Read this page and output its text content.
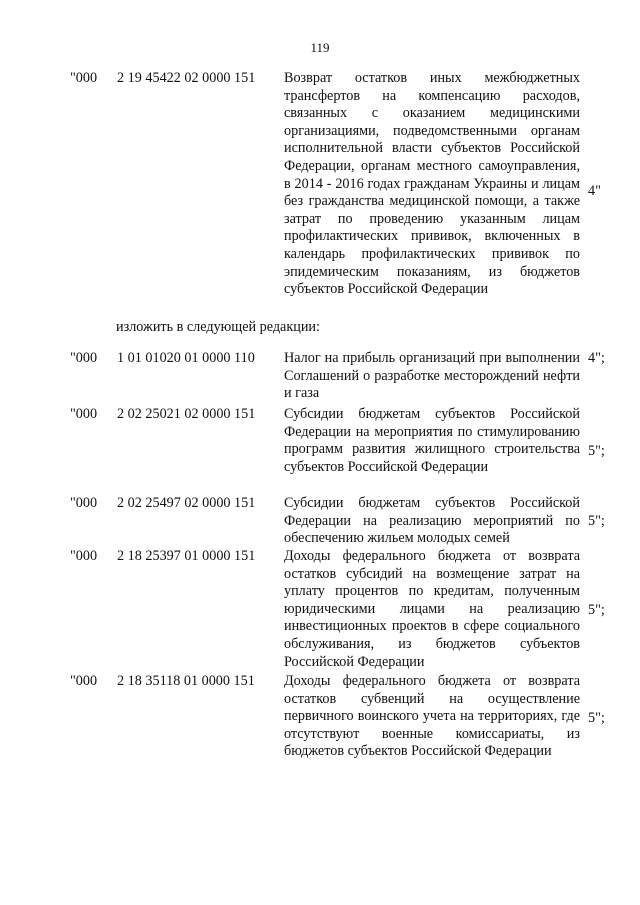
119
"000 2 19 45422 02 0000 151 Возврат остатков иных межбюджетных трансфертов на компенсацию расходов, связанных с оказанием медицинскими организациями, подведомственными органам исполнительной власти субъектов Российской Федерации, органам местного самоуправления, в 2014 - 2016 годах гражданам Украины и лицам без гражданства медицинской помощи, а также затрат по проведению указанным лицам профилактических прививок, включенных в календарь профилактических прививок по эпидемическим показаниям, из бюджетов субъектов Российской Федерации
4"
изложить в следующей редакции:
"000 1 01 01020 01 0000 110 Налог на прибыль организаций при выполнении Соглашений о разработке месторождений нефти и газа
4";
"000 2 02 25021 02 0000 151 Субсидии бюджетам субъектов Российской Федерации на мероприятия по стимулированию программ развития жилищного строительства субъектов Российской Федерации
5";
"000 2 02 25497 02 0000 151 Субсидии бюджетам субъектов Российской Федерации на реализацию мероприятий по обеспечению жильем молодых семей
5";
"000 2 18 25397 01 0000 151 Доходы федерального бюджета от возврата остатков субсидий на возмещение затрат на уплату процентов по кредитам, полученным юридическими лицами на реализацию инвестиционных проектов в сфере социального обслуживания, из бюджетов субъектов Российской Федерации
5";
"000 2 18 35118 01 0000 151 Доходы федерального бюджета от возврата остатков субвенций на осуществление первичного воинского учета на территориях, где отсутствуют военные комиссариаты, из бюджетов субъектов Российской Федерации
5";
